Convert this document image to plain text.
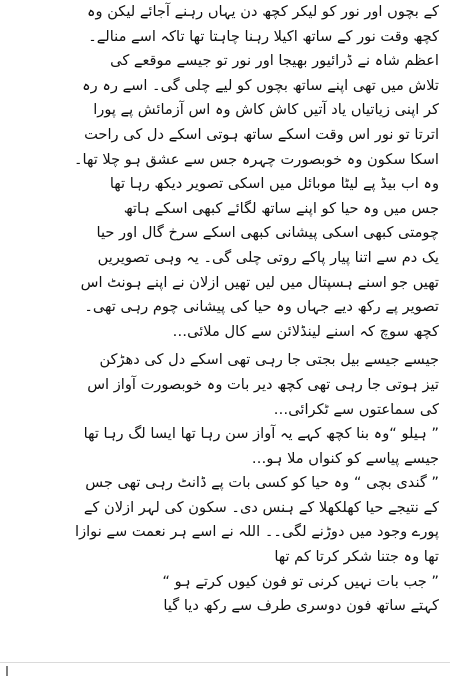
کے بچوں اور نور کو لیکر کچھ دن یہاں رہنے آجائے لیکن وہ
کچھ وقت نور کے ساتھ اکیلا رہنا چاہتا تھا تاکہ اسے منالے۔
اعظم شاہ نے ڈرائیور بھیجا اور نور تو جیسے موقعے کی
تلاش میں تھی اپنے ساتھ بچوں کو لیے چلی گی۔ اسے رہ رہ
کر اپنی زیاتیاں یاد آتیں کاش کاش وہ اس آزمائش پے پورا
اترتا تو نور اس وقت اسکے ساتھ ہوتی اسکے دل کی راحت
اسکا سکون وہ خوبصورت چہرہ جس سے عشق ہو چلا تھا۔
وہ اب بیڈ پے لیٹا موبائل میں اسکی تصویر دیکھ رہا تھا
جس میں وہ حیا کو اپنے ساتھ لگائے کبھی اسکے ہاتھ
چومتی کبھی اسکی پیشانی کبھی اسکے سرخ گال اور حیا
یک دم سے اتنا پیار پاکے روتی چلی گی۔ یہ وہی تصویریں
تھیں جو اسنے ہسپتال میں لیں تھیں ازلان نے اپنے ہونٹ اس
تصویر پے رکھ دیے جہاں وہ حیا کی پیشانی چوم رہی تھی۔
کچھ سوچ کہ اسنے لینڈلائن سے کال ملائی…
جیسے جیسے بیل بجتی جا رہی تھی اسکے دل کی دھڑکن
تیز ہوتی جا رہی تھی کچھ دیر بات وہ خوبصورت آواز اس
کی سماعتوں سے ٹکرائی…
” ہیلو “وہ بنا کچھ کہے یہ آواز سن رہا تھا ایسا لگ رہا تھا
جیسے پیاسے کو کنواں ملا ہو…
” گندی بچی “ وہ حیا کو کسی بات پے ڈانٹ رہی تھی جس
کے نتیجے حیا کھلکھلا کے ہنس دی۔ سکون کی لہر ازلان کے
پورے وجود میں دوڑنے لگی۔۔ اللہ نے اسے ہر نعمت سے نوازا
تھا وہ جتنا شکر کرتا کم تھا
” جب بات نہیں کرنی تو فون کیوں کرتے ہو “
کہتے ساتھ فون دوسری طرف سے رکھ دیا گیا
